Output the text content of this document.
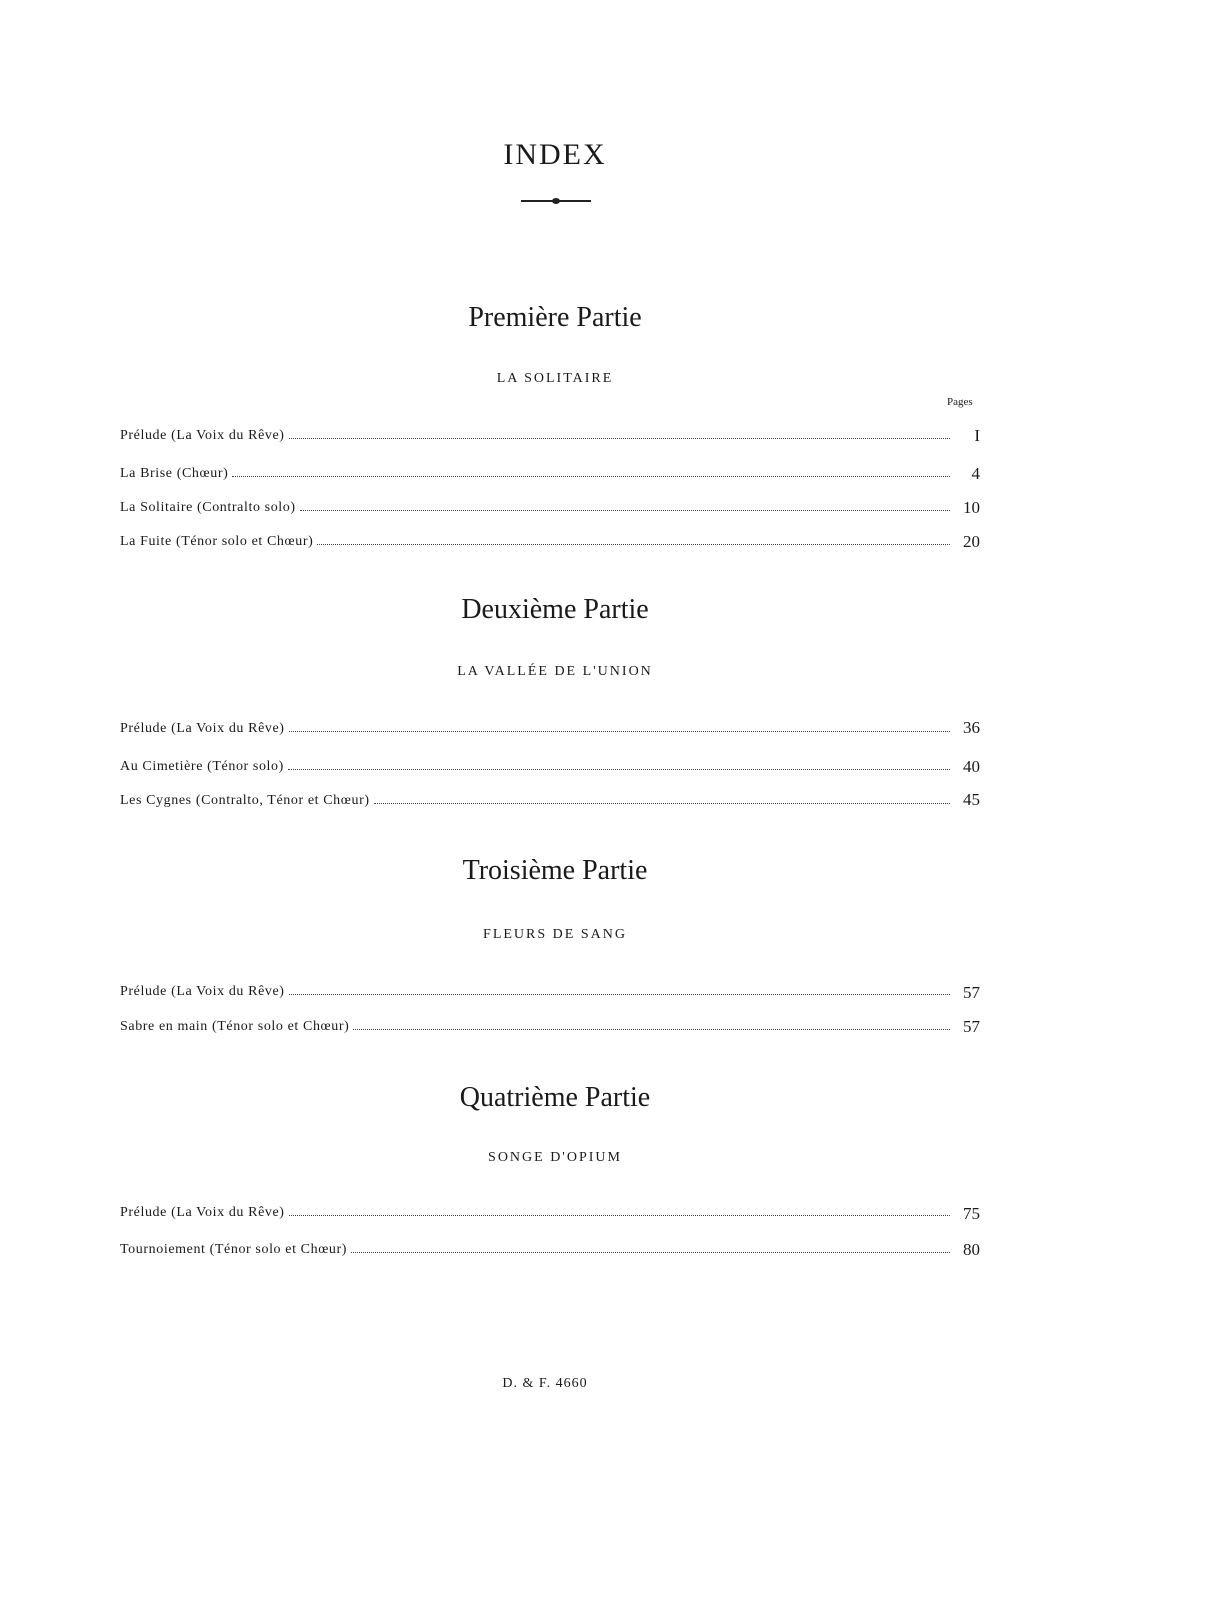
INDEX
Première Partie
LA SOLITAIRE
Pages
Prélude (La Voix du Rêve)	I
La Brise (Chœur)	4
La Solitaire (Contralto solo)	10
La Fuite (Ténor solo et Chœur)	20
Deuxième Partie
LA VALLÉE DE L'UNION
Prélude (La Voix du Rêve)	36
Au Cimetière (Ténor solo)	40
Les Cygnes (Contralto, Ténor et Chœur)	45
Troisième Partie
FLEURS DE SANG
Prélude (La Voix du Rêve)	57
Sabre en main (Ténor solo et Chœur)	57
Quatrième Partie
SONGE D'OPIUM
Prélude (La Voix du Rêve)	75
Tournoiement (Ténor solo et Chœur)	80
D. & F. 4660
